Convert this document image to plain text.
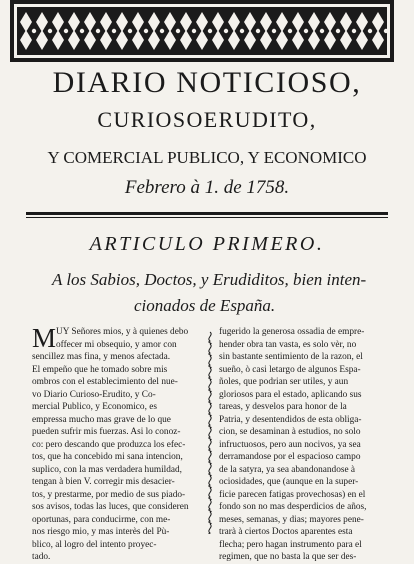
DIARIO NOTICIOSO,
CURIOSOERUDITO,
Y COMERCIAL PUBLICO, Y ECONOMICO
Febrero à 1. de 1758.
ARTICULO PRIMERO.
A los Sabios, Doctos, y Erudiditos, bien inten-
cionados de España.
M UY Señores mios, y à quienes debo
offecer mi obsequio, y amor con
sencillez mas fina, y menos afectada.
El empeño que he tomado sobre mis
ombros con el establecimiento del nue-
vo Diario Curioso-Erudito, y Co-
mercial Publico, y Economico, es
empressa mucho mas grave de lo que
pueden sufrir mis fuerzas. Asi lo conoz-
co: pero descando que produzca los efec-
tos, que ha concebido mi sana intencion,
suplico, con la mas verdadera humildad,
tengan à bien V. corregir mis desacier-
tos, y prestarme, por medio de sus piado-
sos avisos, todas las luces, que consideren
oportunas, para conducirme, con me-
nos riesgo mio, y mas interès del Pù-
blico, al logro del intento proyec-
tado.
fugerido la generosa ossadia de empre-
hender obra tan vasta, es solo vèr, no
sin bastante sentimiento de la razon, el
sueño, ò casi letargo de algunos Espa-
ñoles, que podrian ser utiles, y aun
gloriosos para el estado, aplicando sus
tareas, y desvelos para honor de la
Patria, y desentendidos de esta obliga-
cion, se desaminan à estudios, no solo
infructuosos, pero aun nocivos, ya sea
derramandose por el espacioso campo
de la satyra, ya sea abandonandose à
ociosidades, que (aunque en la super-
ficie parecen fatigas provechosas) en el
fondo son no mas desperdicios de años,
meses, semanas, y dias; mayores pene-
trarà à ciertos Doctos aparentes esta
flecha; pero hagan instrumento para el
regimen, que no basta la que ser des-
